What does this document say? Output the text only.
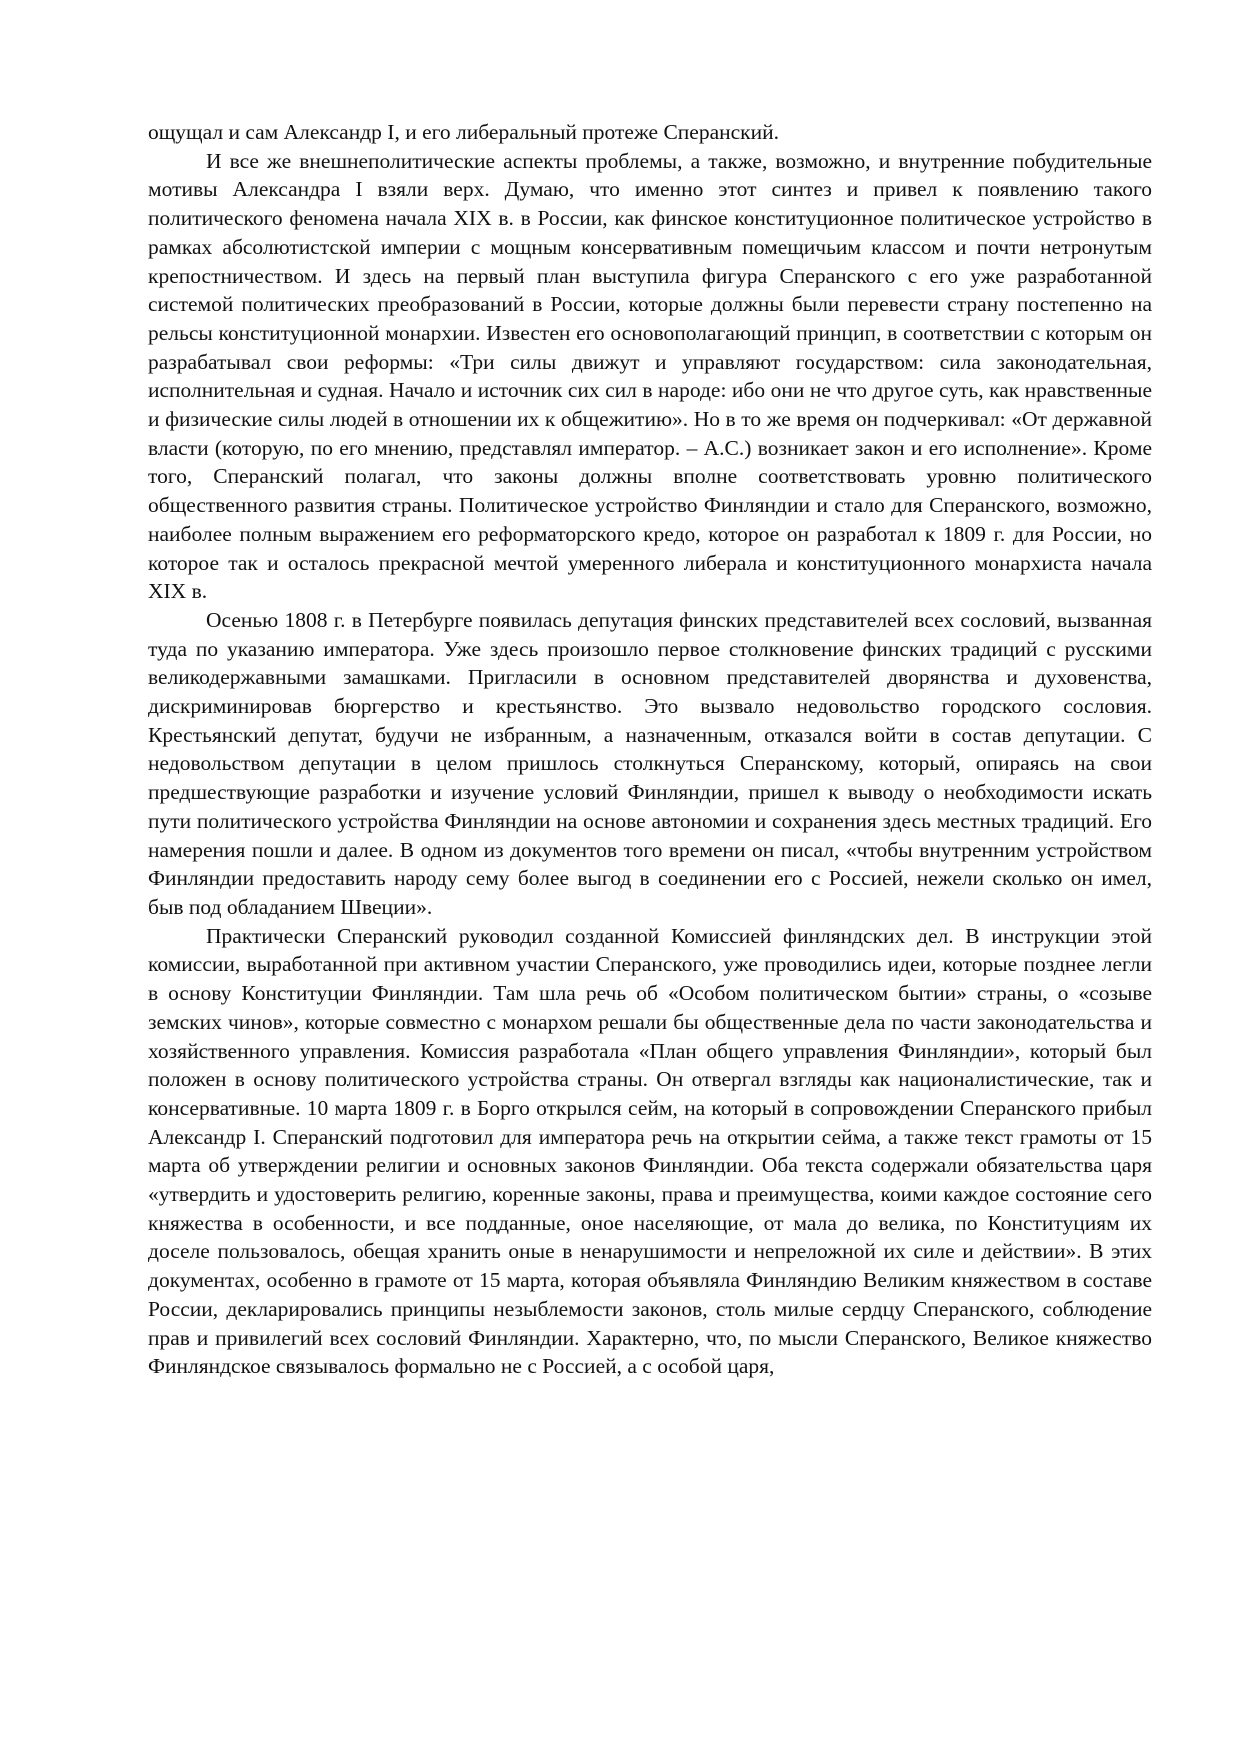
ощущал и сам Александр I, и его либеральный протеже Сперанский.

И все же внешнеполитические аспекты проблемы, а также, возможно, и внутренние побудительные мотивы Александра I взяли верх. Думаю, что именно этот синтез и привел к появлению такого политического феномена начала XIX в. в России, как финское конституционное политическое устройство в рамках абсолютистской империи с мощным консервативным помещичьим классом и почти нетронутым крепостничеством. И здесь на первый план выступила фигура Сперанского с его уже разработанной системой политических преобразований в России, которые должны были перевести страну постепенно на рельсы конституционной монархии. Известен его основополагающий принцип, в соответствии с которым он разрабатывал свои реформы: «Три силы движут и управляют государством: сила законодательная, исполнительная и судная. Начало и источник сих сил в народе: ибо они не что другое суть, как нравственные и физические силы людей в отношении их к общежитию». Но в то же время он подчеркивал: «От державной власти (которую, по его мнению, представлял император. – А.С.) возникает закон и его исполнение». Кроме того, Сперанский полагал, что законы должны вполне соответствовать уровню политического общественного развития страны. Политическое устройство Финляндии и стало для Сперанского, возможно, наиболее полным выражением его реформаторского кредо, которое он разработал к 1809 г. для России, но которое так и осталось прекрасной мечтой умеренного либерала и конституционного монархиста начала XIX в.

Осенью 1808 г. в Петербурге появилась депутация финских представителей всех сословий, вызванная туда по указанию императора. Уже здесь произошло первое столкновение финских традиций с русскими великодержавными замашками. Пригласили в основном представителей дворянства и духовенства, дискриминировав бюргерство и крестьянство. Это вызвало недовольство городского сословия. Крестьянский депутат, будучи не избранным, а назначенным, отказался войти в состав депутации. С недовольством депутации в целом пришлось столкнуться Сперанскому, который, опираясь на свои предшествующие разработки и изучение условий Финляндии, пришел к выводу о необходимости искать пути политического устройства Финляндии на основе автономии и сохранения здесь местных традиций. Его намерения пошли и далее. В одном из документов того времени он писал, «чтобы внутренним устройством Финляндии предоставить народу сему более выгод в соединении его с Россией, нежели сколько он имел, быв под обладанием Швеции».

Практически Сперанский руководил созданной Комиссией финляндских дел. В инструкции этой комиссии, выработанной при активном участии Сперанского, уже проводились идеи, которые позднее легли в основу Конституции Финляндии. Там шла речь об «Особом политическом бытии» страны, о «созыве земских чинов», которые совместно с монархом решали бы общественные дела по части законодательства и хозяйственного управления. Комиссия разработала «План общего управления Финляндии», который был положен в основу политического устройства страны. Он отвергал взгляды как националистические, так и консервативные. 10 марта 1809 г. в Борго открылся сейм, на который в сопровождении Сперанского прибыл Александр I. Сперанский подготовил для императора речь на открытии сейма, а также текст грамоты от 15 марта об утверждении религии и основных законов Финляндии. Оба текста содержали обязательства царя «утвердить и удостоверить религию, коренные законы, права и преимущества, коими каждое состояние сего княжества в особенности, и все подданные, оное населяющие, от мала до велика, по Конституциям их доселе пользовалось, обещая хранить оные в ненарушимости и непреложной их силе и действии». В этих документах, особенно в грамоте от 15 марта, которая объявляла Финляндию Великим княжеством в составе России, декларировались принципы незыблемости законов, столь милые сердцу Сперанского, соблюдение прав и привилегий всех сословий Финляндии. Характерно, что, по мысли Сперанского, Великое княжество Финляндское связывалось формально не с Россией, а с особой царя,
